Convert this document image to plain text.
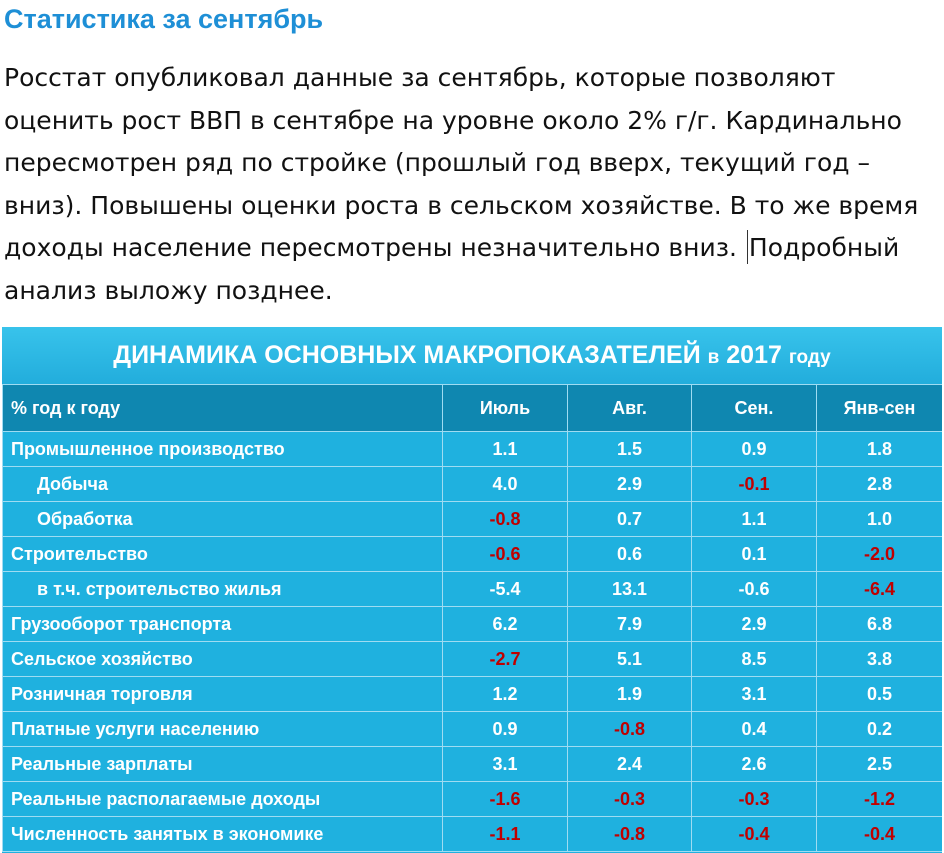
Статистика за сентябрь
Росстат опубликовал данные за сентябрь, которые позволяют
оценить рост ВВП в сентябре на уровне около 2% г/г. Кардинально
пересмотрен ряд по стройке (прошлый год вверх, текущий год –
вниз). Повышены оценки роста в сельском хозяйстве. В то же время
доходы население пересмотрены незначительно вниз. Подробный
анализ выложу позднее.
ДИНАМИКА ОСНОВНЫХ МАКРОПОКАЗАТЕЛЕЙ в 2017 году
% год к году	Июль	Авг.	Сен.	Янв-сен
Промышленное производство	1.1	1.5	0.9	1.8
Добыча	4.0	2.9	-0.1	2.8
Обработка	-0.8	0.7	1.1	1.0
Строительство	-0.6	0.6	0.1	-2.0
в т.ч. строительство жилья	-5.4	13.1	-0.6	-6.4
Грузооборот транспорта	6.2	7.9	2.9	6.8
Сельское хозяйство	-2.7	5.1	8.5	3.8
Розничная торговля	1.2	1.9	3.1	0.5
Платные услуги населению	0.9	-0.8	0.4	0.2
Реальные зарплаты	3.1	2.4	2.6	2.5
Реальные располагаемые доходы	-1.6	-0.3	-0.3	-1.2
Численность занятых в экономике	-1.1	-0.8	-0.4	-0.4
